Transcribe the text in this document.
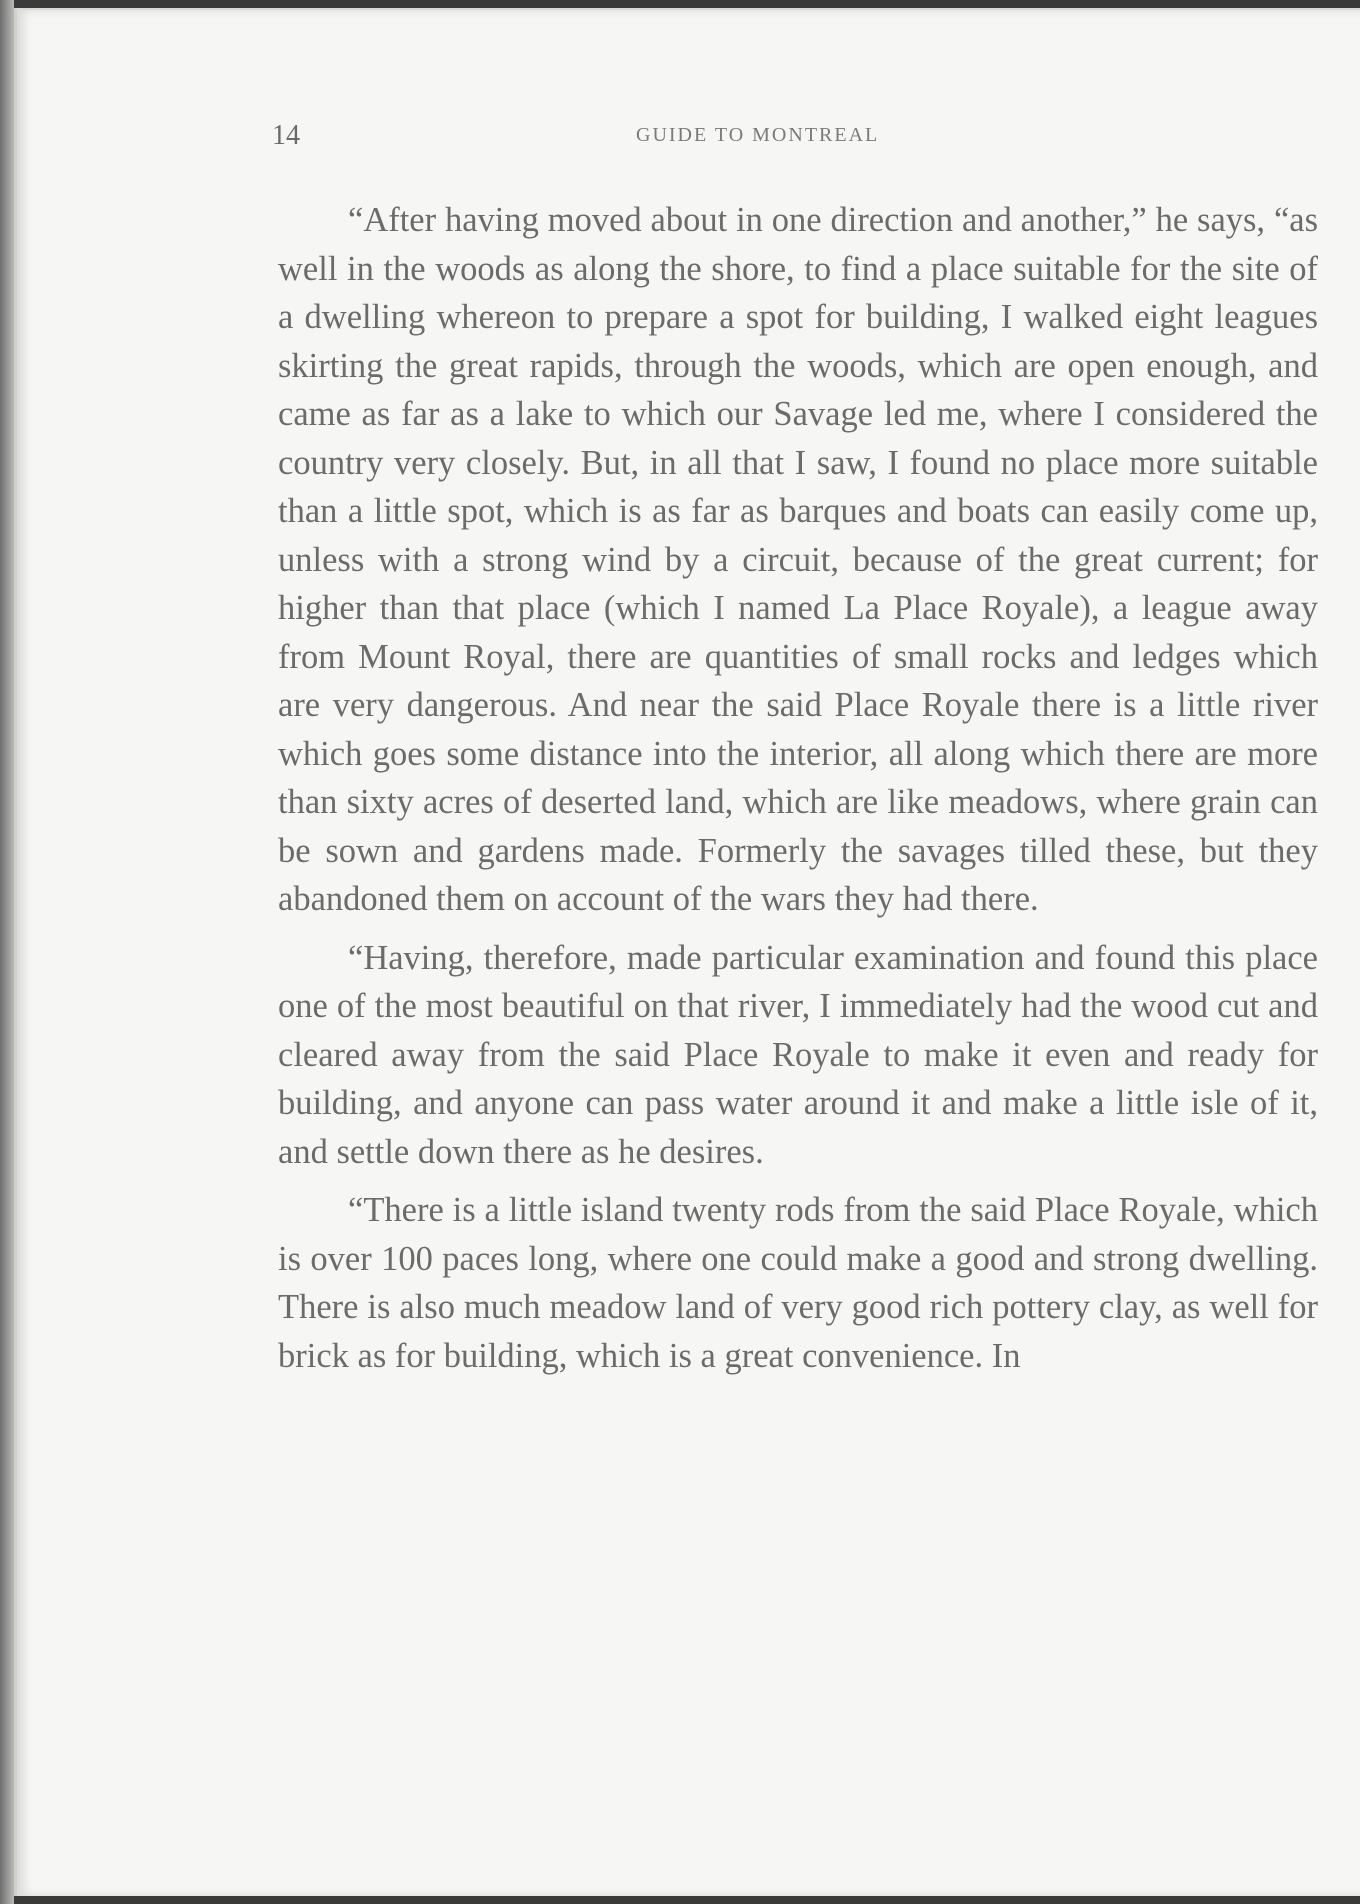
14	GUIDE TO MONTREAL

“After having moved about in one direction and another,” he says, “as well in the woods as along the shore, to find a place suitable for the site of a dwelling whereon to prepare a spot for building, I walked eight leagues skirting the great rapids, through the woods, which are open enough, and came as far as a lake to which our Savage led me, where I considered the country very closely. But, in all that I saw, I found no place more suitable than a little spot, which is as far as barques and boats can easily come up, unless with a strong wind by a circuit, because of the great current; for higher than that place (which I named La Place Royale), a league away from Mount Royal, there are quantities of small rocks and ledges which are very dangerous. And near the said Place Royale there is a little river which goes some distance into the interior, all along which there are more than sixty acres of deserted land, which are like meadows, where grain can be sown and gardens made. Formerly the savages tilled these, but they abandoned them on account of the wars they had there.

“Having, therefore, made particular examination and found this place one of the most beautiful on that river, I immediately had the wood cut and cleared away from the said Place Royale to make it even and ready for building, and anyone can pass water around it and make a little isle of it, and settle down there as he desires.

“There is a little island twenty rods from the said Place Royale, which is over 100 paces long, where one could make a good and strong dwelling. There is also much meadow land of very good rich pottery clay, as well for brick as for building, which is a great convenience. In
